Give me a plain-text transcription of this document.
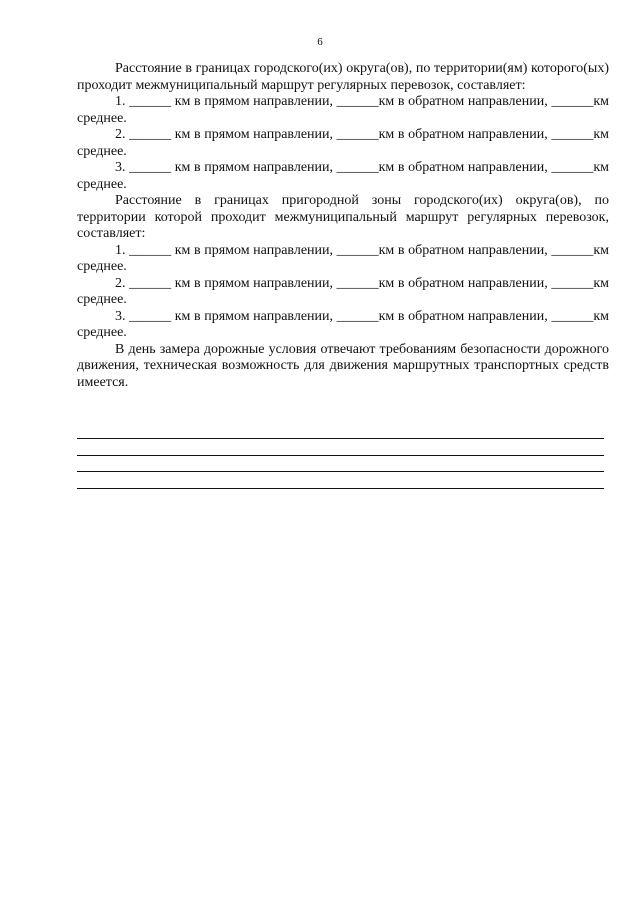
6

Расстояние в границах городского(их) округа(ов), по территории(ям) которого(ых) проходит межмуниципальный маршрут регулярных перевозок, составляет:

1. ______ км в прямом направлении, ______км в обратном направлении, ______км среднее.

2. ______ км в прямом направлении, ______км в обратном направлении, ______км среднее.

3. ______ км в прямом направлении, ______км в обратном направлении, ______км среднее.

Расстояние в границах пригородной зоны городского(их) округа(ов), по территории которой проходит межмуниципальный маршрут регулярных перевозок, составляет:

1. ______ км в прямом направлении, ______км в обратном направлении, ______км среднее.

2. ______ км в прямом направлении, ______км в обратном направлении, ______км среднее.

3. ______ км в прямом направлении, ______км в обратном направлении, ______км среднее.

В день замера дорожные условия отвечают требованиям безопасности дорожного движения, техническая возможность для движения маршрутных транспортных средств имеется.
